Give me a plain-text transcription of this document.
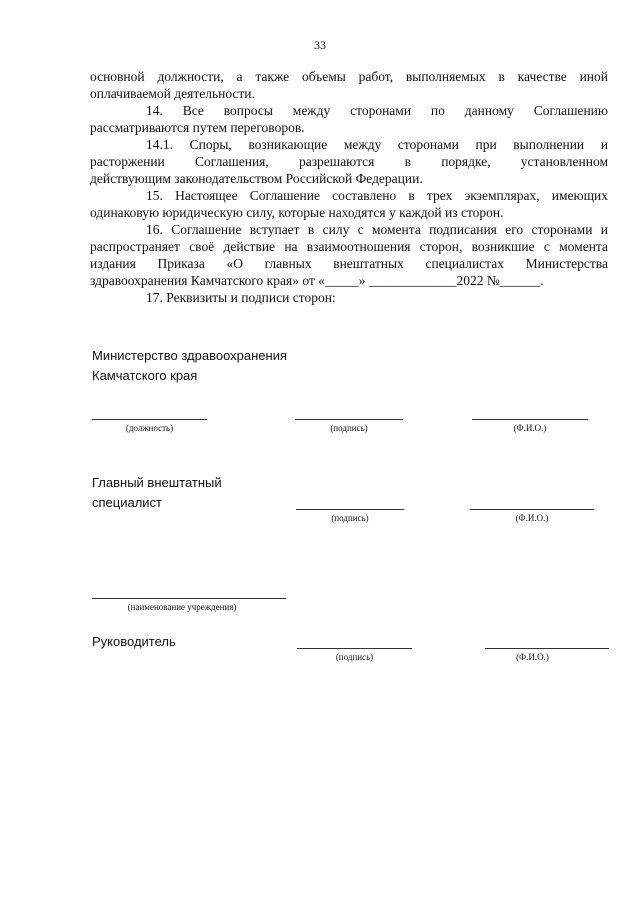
33
основной должности, а также объемы работ, выполняемых в качестве иной
оплачиваемой деятельности.
14. Все вопросы между сторонами по данному Соглашению
рассматриваются путем переговоров.
14.1. Споры, возникающие между сторонами при выполнении и
расторжении Соглашения, разрешаются в порядке, установленном
действующим законодательством Российской Федерации.
15. Настоящее Соглашение составлено в трех экземплярах, имеющих
одинаковую юридическую силу, которые находятся у каждой из сторон.
16. Соглашение вступает в силу с момента подписания его сторонами и
распространяет своё действие на взаимоотношения сторон, возникшие с момента
издания Приказа «О главных внештатных специалистах Министерства
здравоохранения Камчатского края» от «_____» _____________2022 №______.
17. Реквизиты и подписи сторон:
Министерство здравоохранения
Камчатского края
(должность)	(подпись)	(Ф.И.О.)
Главный внештатный
специалист
(подпись)	(Ф.И.О.)
(наименование учреждения)
Руководитель
(подпись)	(Ф.И.О.)
